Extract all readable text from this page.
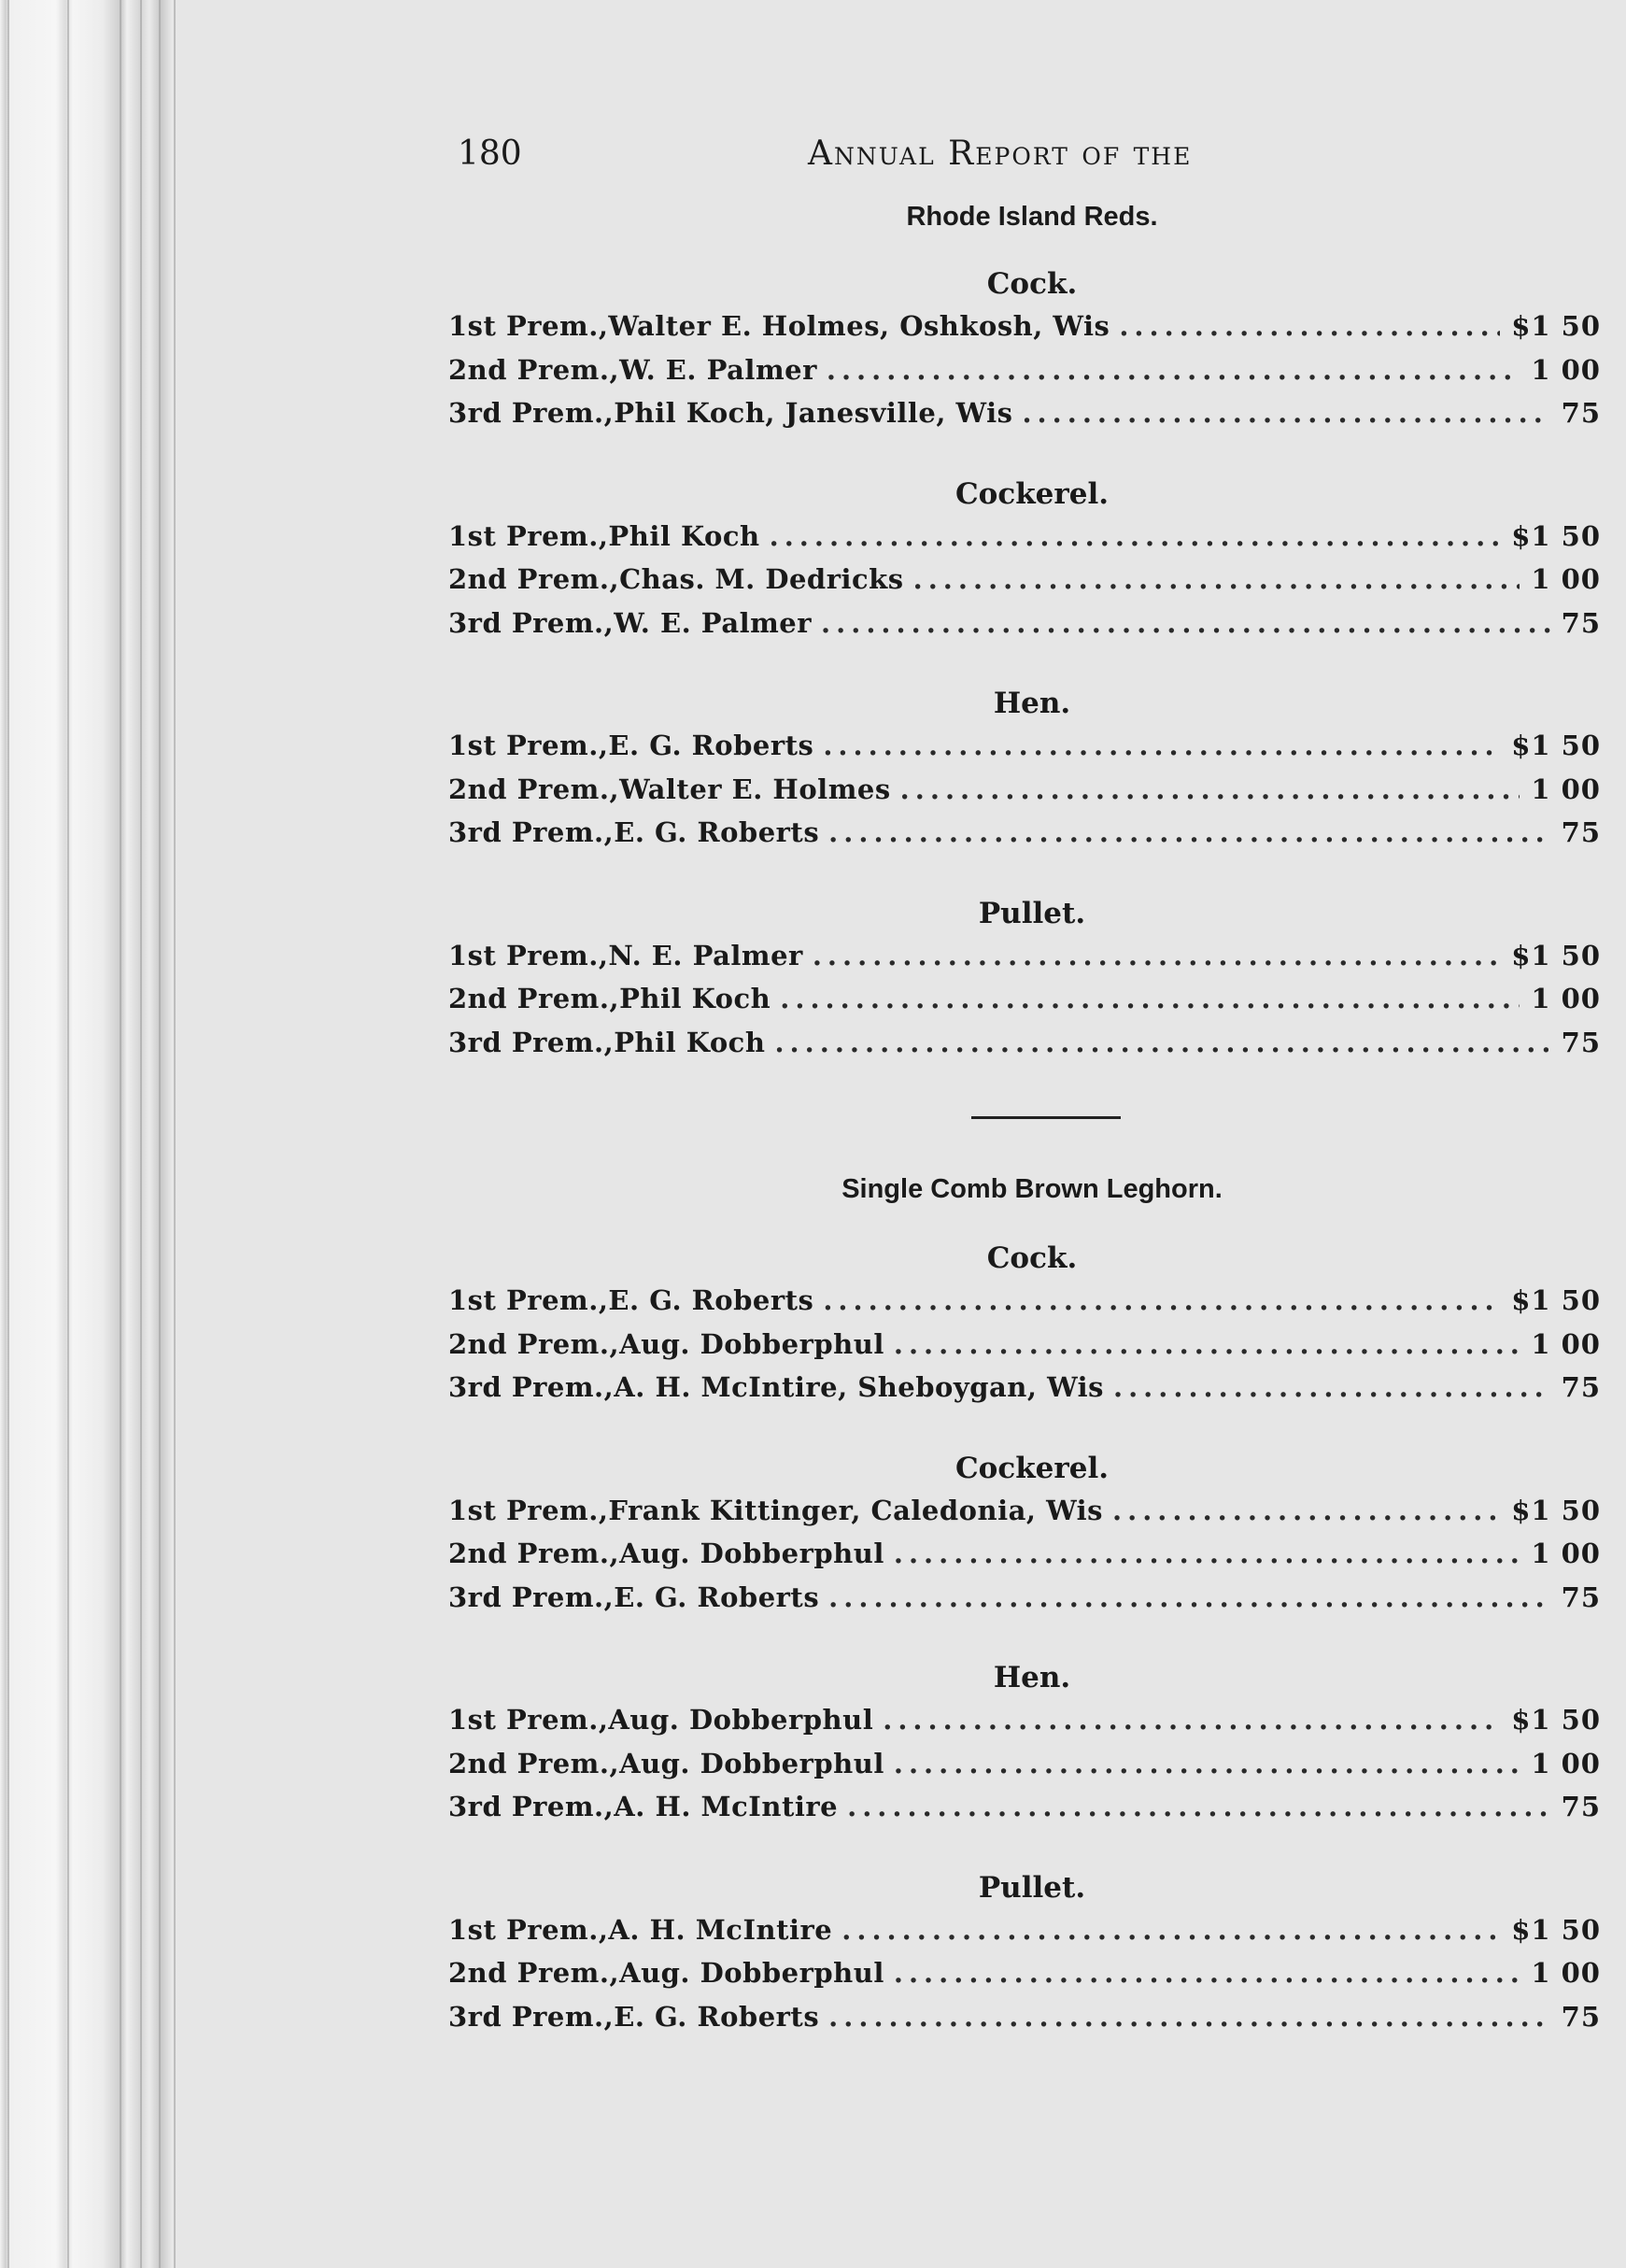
180	Annual Report of the
Rhode Island Reds.
Cock.
1st Prem., Walter E. Holmes, Oshkosh, Wis .....	$1 50
2nd Prem., W. E. Palmer .....	1 00
3rd Prem., Phil Koch, Janesville, Wis .....	75
Cockerel.
1st Prem., Phil Koch .....	$1 50
2nd Prem., Chas. M. Dedricks .....	1 00
3rd Prem., W. E. Palmer .....	75
Hen.
1st Prem., E. G. Roberts .....	$1 50
2nd Prem., Walter E. Holmes .....	1 00
3rd Prem., E. G. Roberts .....	75
Pullet.
1st Prem., N. E. Palmer .....	$1 50
2nd Prem., Phil Koch .....	1 00
3rd Prem., Phil Koch .....	75
Single Comb Brown Leghorn.
Cock.
1st Prem., E. G. Roberts .....	$1 50
2nd Prem., Aug. Dobberphul .....	1 00
3rd Prem., A. H. McIntire, Sheboygan, Wis .....	75
Cockerel.
1st Prem., Frank Kittinger, Caledonia, Wis .....	$1 50
2nd Prem., Aug. Dobberphul .....	1 00
3rd Prem., E. G. Roberts .....	75
Hen.
1st Prem., Aug. Dobberphul .....	$1 50
2nd Prem., Aug. Dobberphul .....	1 00
3rd Prem., A. H. McIntire .....	75
Pullet.
1st Prem., A. H. McIntire .....	$1 50
2nd Prem., Aug. Dobberphul .....	1 00
3rd Prem., E. G. Roberts .....	75
